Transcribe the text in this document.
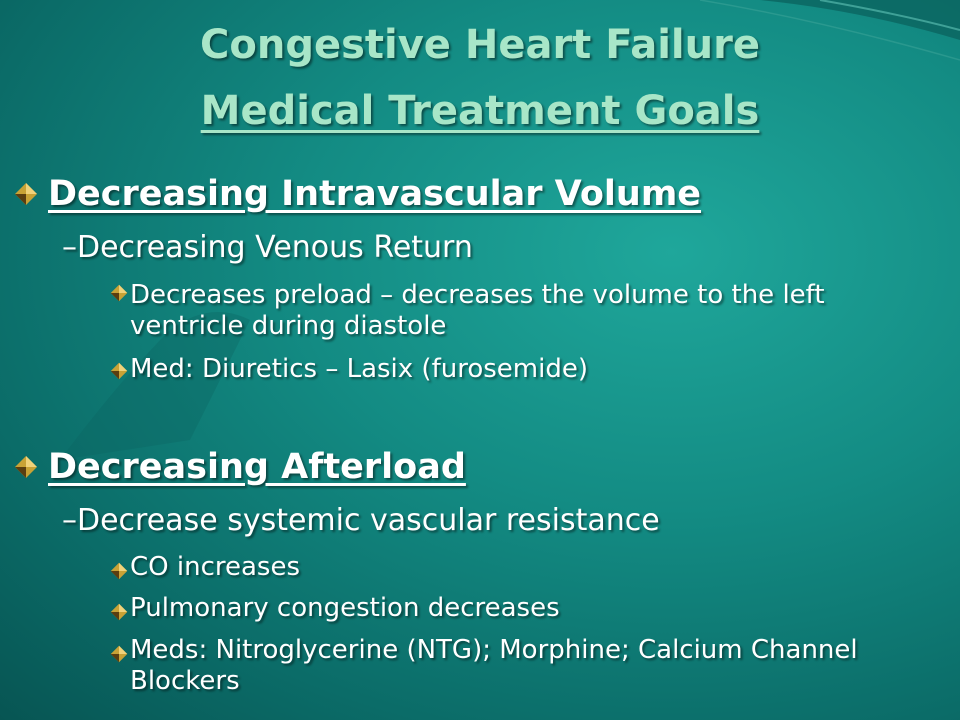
Congestive Heart Failure
Medical Treatment Goals
Decreasing Intravascular Volume
–Decreasing Venous Return
Decreases preload – decreases the volume to the left ventricle during diastole
Med: Diuretics – Lasix (furosemide)
Decreasing Afterload
–Decrease systemic vascular resistance
CO increases
Pulmonary congestion decreases
Meds: Nitroglycerine (NTG); Morphine; Calcium Channel Blockers
